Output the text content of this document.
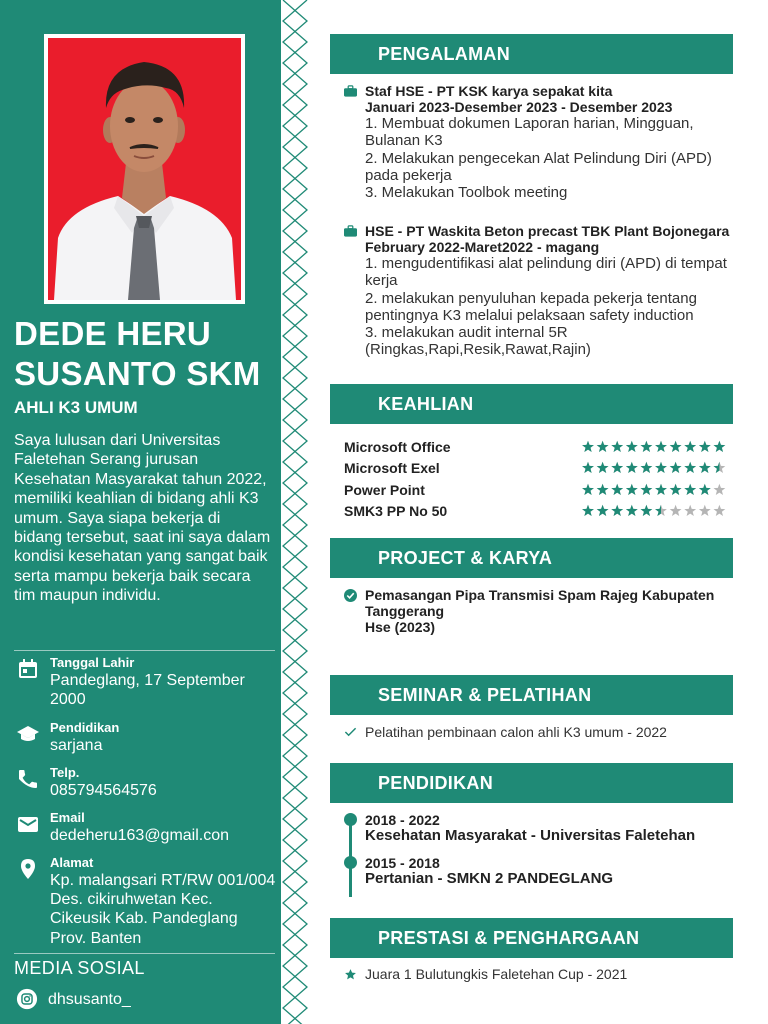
DEDE HERU
SUSANTO SKM
AHLI K3 UMUM
Saya lulusan dari Universitas Faletehan Serang jurusan Kesehatan Masyarakat tahun 2022, memiliki keahlian di bidang ahli K3 umum. Saya siapa bekerja di bidang tersebut, saat ini saya dalam kondisi kesehatan yang sangat baik serta mampu bekerja baik secara tim maupun individu.
Tanggal Lahir
Pandeglang, 17 September 2000
Pendidikan
sarjana
Telp.
085794564576
Email
dedeheru163@gmail.con
Alamat
Kp. malangsari RT/RW 001/004 Des. cikiruhwetan Kec. Cikeusik Kab. Pandeglang Prov. Banten
MEDIA SOSIAL
dhsusanto_
PENGALAMAN
Staf HSE - PT KSK karya sepakat kita
Januari 2023-Desember 2023 - Desember 2023
1. Membuat dokumen Laporan harian, Mingguan, Bulanan K3
2. Melakukan pengecekan Alat Pelindung Diri (APD) pada pekerja
3. Melakukan Toolbok meeting
HSE - PT Waskita Beton precast TBK Plant Bojonegara
February 2022-Maret2022 - magang
1. mengudentifikasi alat pelindung diri (APD) di tempat kerja
2. melakukan penyuluhan kepada pekerja tentang pentingnya K3 melalui pelaksaan safety induction
3. melakukan audit internal 5R (Ringkas,Rapi,Resik,Rawat,Rajin)
KEAHLIAN
Microsoft Office
Microsoft Exel
Power Point
SMK3 PP No 50
PROJECT & KARYA
Pemasangan Pipa Transmisi Spam Rajeg Kabupaten Tanggerang
Hse (2023)
SEMINAR & PELATIHAN
Pelatihan pembinaan calon ahli K3 umum - 2022
PENDIDIKAN
2018 - 2022
Kesehatan Masyarakat - Universitas Faletehan
2015 - 2018
Pertanian - SMKN 2 PANDEGLANG
PRESTASI & PENGHARGAAN
Juara 1 Bulutungkis Faletehan Cup - 2021
